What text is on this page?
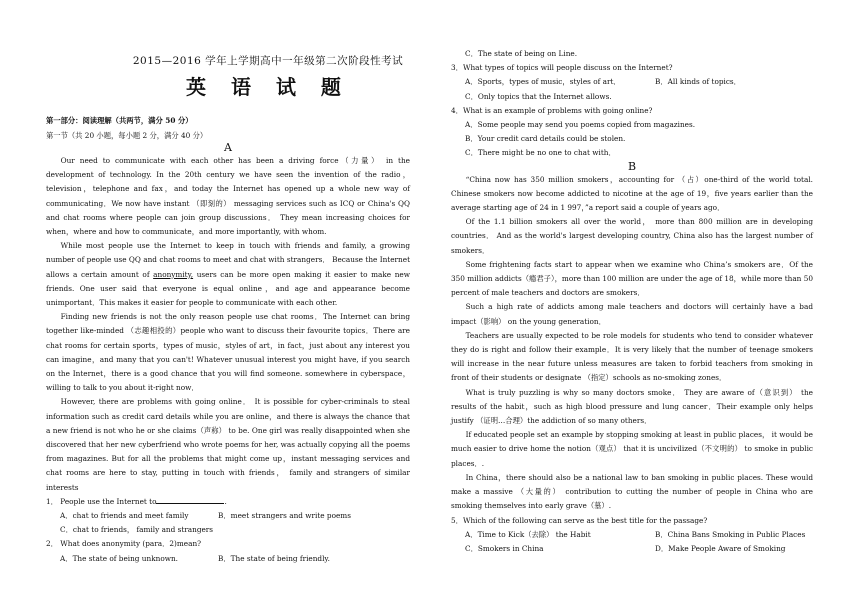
2015—2016 学年上学期高中一年级第二次阶段性考试
英 语 试 题
第一部分：阅读理解（共两节，满分 50 分）
第一节（共 20 小题，每小题 2 分，满分 40 分）
A

Our need to communicate with each other has been a driving force（力量） in the development of technology. In the 20th century we have seen the invention of the radio，television，telephone and fax，and today the Internet has opened up a whole new way of communicating．We now have instant （即刻的） messaging services such as ICQ or China's QQ and chat rooms where people can join group discussions． They mean increasing choices for when，where and how to communicate，and more importantly, with whom.

While most people use the Internet to keep in touch with friends and family, a growing number of people use QQ and chat rooms to meet and chat with strangers． Because the Internet allows a certain amount of anonymity, users can be more open making it easier to make new friends. One user said that everyone is equal online，and age and appearance become unimportant．This makes it easier for people to communicate with each other.

Finding new friends is not the only reason people use chat rooms．The Internet can bring together like-minded （志趣相投的）people who want to discuss their favourite topics．There are chat rooms for certain sports，types of music，styles of art，in fact，just about any interest you can imagine，and many that you can't! Whatever unusual interest you might have, if you search on the Internet，there is a good chance that you will find someone. somewhere in cyberspace，willing to talk to you about it-right now．

However, there are problems with going online． It is possible for cyber-criminals to steal information such as credit card details while you are online，and there is always the chance that a new friend is not who he or she claims（声称） to be. One girl was really disappointed when she discovered that her new cyberfriend who wrote poems for her, was actually copying all the poems from magazines. But for all the problems that might come up，instant messaging services and chat rooms are here to stay, putting in touch with friends， family and strangers of similar interests

1． People use the Internet to	.
A．chat to friends and meet family	B．meet strangers and write poems
C．chat to friends， family and strangers
2． What does anonymity (para．2)mean?
A．The state of being unknown.	B．The state of being friendly.
C．The state of being on Line.
3．What types of topics will people discuss on the Internet?
A．Sports，types of music，styles of art．	B．All kinds of topics．
C．Only topics that the Internet allows.
4．What is an example of problems with going online?
A．Some people may send you poems copied from magazines.
B．Your credit card details could be stolen.
C．There might be no one to chat with．
B

“China now has 350 million smokers，accounting for （占）one-third of the world total. Chinese smokers now become addicted to nicotine at the age of 19，five years earlier than the average starting age of 24 in 1 997，”a report said a couple of years ago．

Of the 1.1 billion smokers all over the world， more than 800 million are in developing countries． And as the world's largest developing country, China also has the largest number of smokers．

Some frightening facts start to appear when we examine who China’s smokers are．Of the 350 million addicts（瘾君子），more than 100 million are under the age of 18，while more than 50 percent of male teachers and doctors are smokers．

Such a high rate of addicts among male teachers and doctors will certainly have a bad impact（影响） on the young generation．

Teachers are usually expected to be role models for students who tend to consider whatever they do is right and follow their example．It is very likely that the number of teenage smokers will increase in the near future unless measures are taken to forbid teachers from smoking in front of their students or designate （指定）schools as no-smoking zones．

What is truly puzzling is why so many doctors smoke． They are aware of（意识到） the results of the habit，such as high blood pressure and lung cancer．Their example only helps justify （证明…合理）the addiction of so many others．

If educated people set an example by stopping smoking at least in public places， it would be much easier to drive home the notion（观点） that it is uncivilized（不文明的） to smoke in public places．.

In China，there should also be a national law to ban smoking in public places. These would make a massive （大量的） contribution to cutting the number of people in China who are smoking themselves into early grave（墓）.

5．Which of the following can serve as the best title for the passage?
A．Time to Kick（去除） the Habit	B．China Bans Smoking in Public Places
C．Smokers in China	D．Make People Aware of Smoking
